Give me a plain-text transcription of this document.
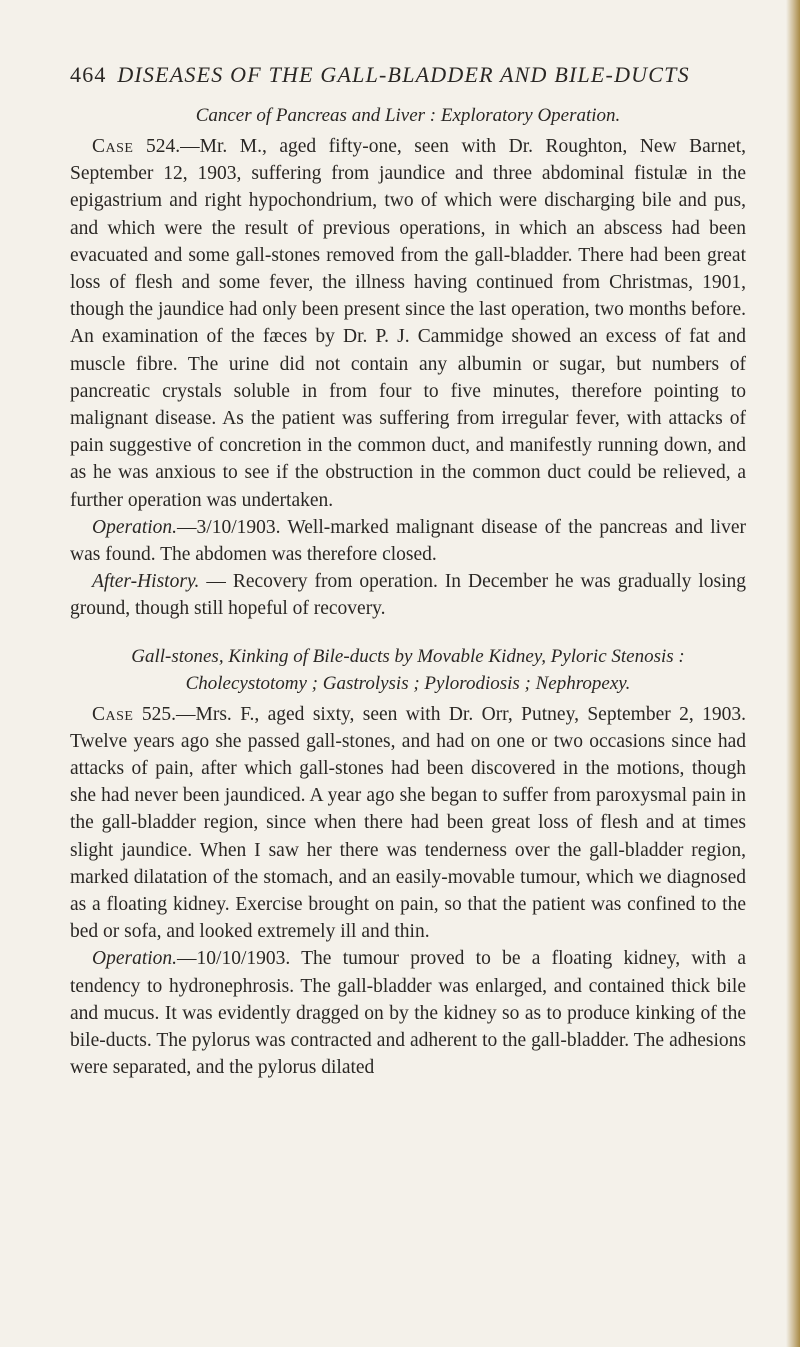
464 DISEASES OF THE GALL-BLADDER AND BILE-DUCTS
Cancer of Pancreas and Liver : Exploratory Operation.

Case 524.—Mr. M., aged fifty-one, seen with Dr. Roughton, New Barnet, September 12, 1903, suffering from jaundice and three abdominal fistulæ in the epigastrium and right hypochondrium, two of which were discharging bile and pus, and which were the result of previous operations, in which an abscess had been evacuated and some gall-stones removed from the gall-bladder. There had been great loss of flesh and some fever, the illness having continued from Christmas, 1901, though the jaundice had only been present since the last operation, two months before. An examination of the fæces by Dr. P. J. Cammidge showed an excess of fat and muscle fibre. The urine did not contain any albumin or sugar, but numbers of pancreatic crystals soluble in from four to five minutes, therefore pointing to malignant disease. As the patient was suffering from irregular fever, with attacks of pain suggestive of concretion in the common duct, and manifestly running down, and as he was anxious to see if the obstruction in the common duct could be relieved, a further operation was undertaken.

Operation.—3/10/1903. Well-marked malignant disease of the pancreas and liver was found. The abdomen was therefore closed.

After-History. — Recovery from operation. In December he was gradually losing ground, though still hopeful of recovery.

Gall-stones, Kinking of Bile-ducts by Movable Kidney, Pyloric Stenosis : Cholecystotomy ; Gastrolysis ; Pylorodiosis ; Nephropexy.

Case 525.—Mrs. F., aged sixty, seen with Dr. Orr, Putney, September 2, 1903. Twelve years ago she passed gall-stones, and had on one or two occasions since had attacks of pain, after which gall-stones had been discovered in the motions, though she had never been jaundiced. A year ago she began to suffer from paroxysmal pain in the gall-bladder region, since when there had been great loss of flesh and at times slight jaundice. When I saw her there was tenderness over the gall-bladder region, marked dilatation of the stomach, and an easily-movable tumour, which we diagnosed as a floating kidney. Exercise brought on pain, so that the patient was confined to the bed or sofa, and looked extremely ill and thin.

Operation.—10/10/1903. The tumour proved to be a floating kidney, with a tendency to hydronephrosis. The gall-bladder was enlarged, and contained thick bile and mucus. It was evidently dragged on by the kidney so as to produce kinking of the bile-ducts. The pylorus was contracted and adherent to the gall-bladder. The adhesions were separated, and the pylorus dilated
